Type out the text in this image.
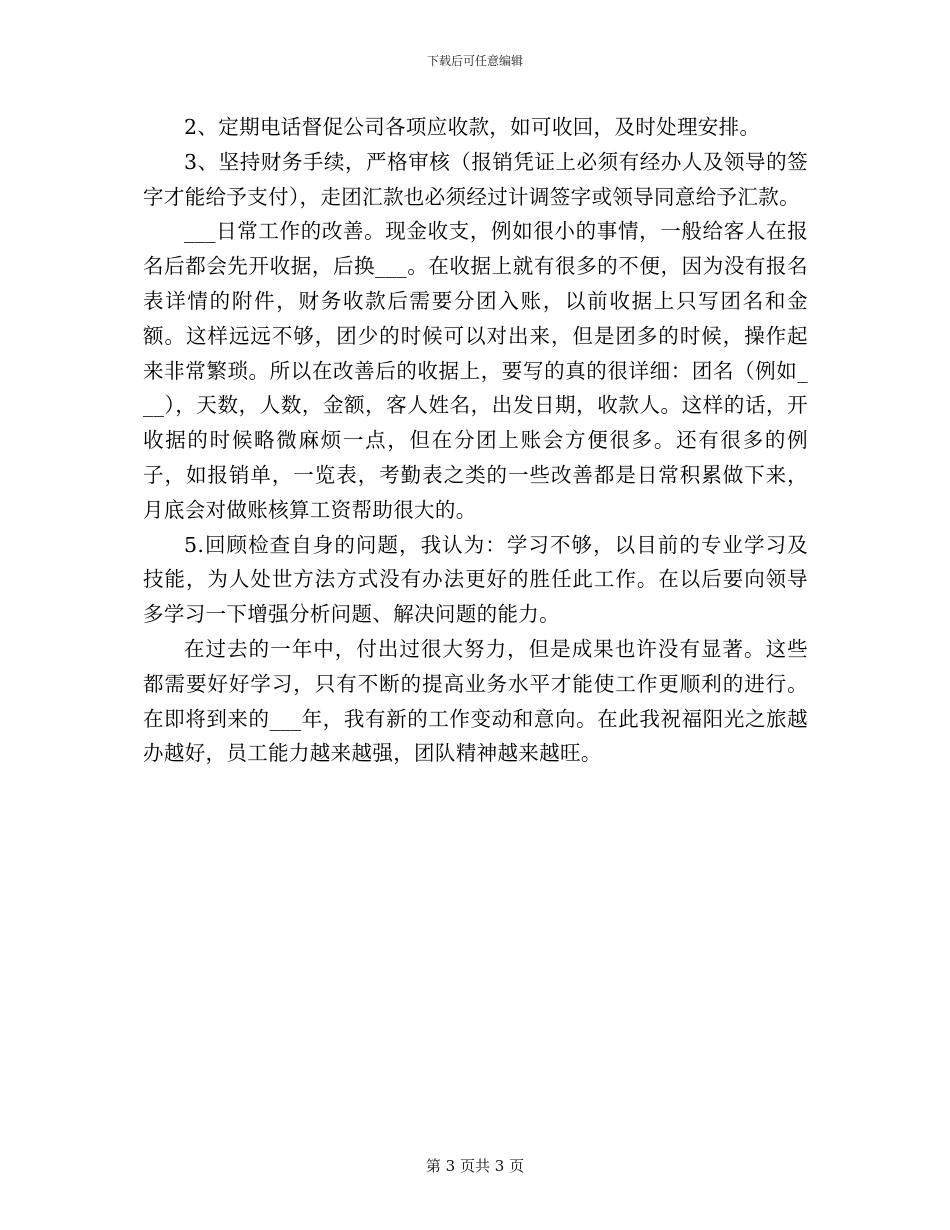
下载后可任意编辑

2、定期电话督促公司各项应收款，如可收回，及时处理安排。

3、坚持财务手续，严格审核（报销凭证上必须有经办人及领导的签字才能给予支付），走团汇款也必须经过计调签字或领导同意给予汇款。

___日常工作的改善。现金收支，例如很小的事情，一般给客人在报名后都会先开收据，后换___。在收据上就有很多的不便，因为没有报名表详情的附件，财务收款后需要分团入账，以前收据上只写团名和金额。这样远远不够，团少的时候可以对出来，但是团多的时候，操作起来非常繁琐。所以在改善后的收据上，要写的真的很详细：团名（例如___），天数，人数，金额，客人姓名，出发日期，收款人。这样的话，开收据的时候略微麻烦一点，但在分团上账会方便很多。还有很多的例子，如报销单，一览表，考勤表之类的一些改善都是日常积累做下来，月底会对做账核算工资帮助很大的。

5.回顾检查自身的问题，我认为：学习不够，以目前的专业学习及技能，为人处世方法方式没有办法更好的胜任此工作。在以后要向领导多学习一下增强分析问题、解决问题的能力。

在过去的一年中，付出过很大努力，但是成果也许没有显著。这些都需要好好学习，只有不断的提高业务水平才能使工作更顺利的进行。在即将到来的___年，我有新的工作变动和意向。在此我祝福阳光之旅越办越好，员工能力越来越强，团队精神越来越旺。

第 3 页共 3 页
